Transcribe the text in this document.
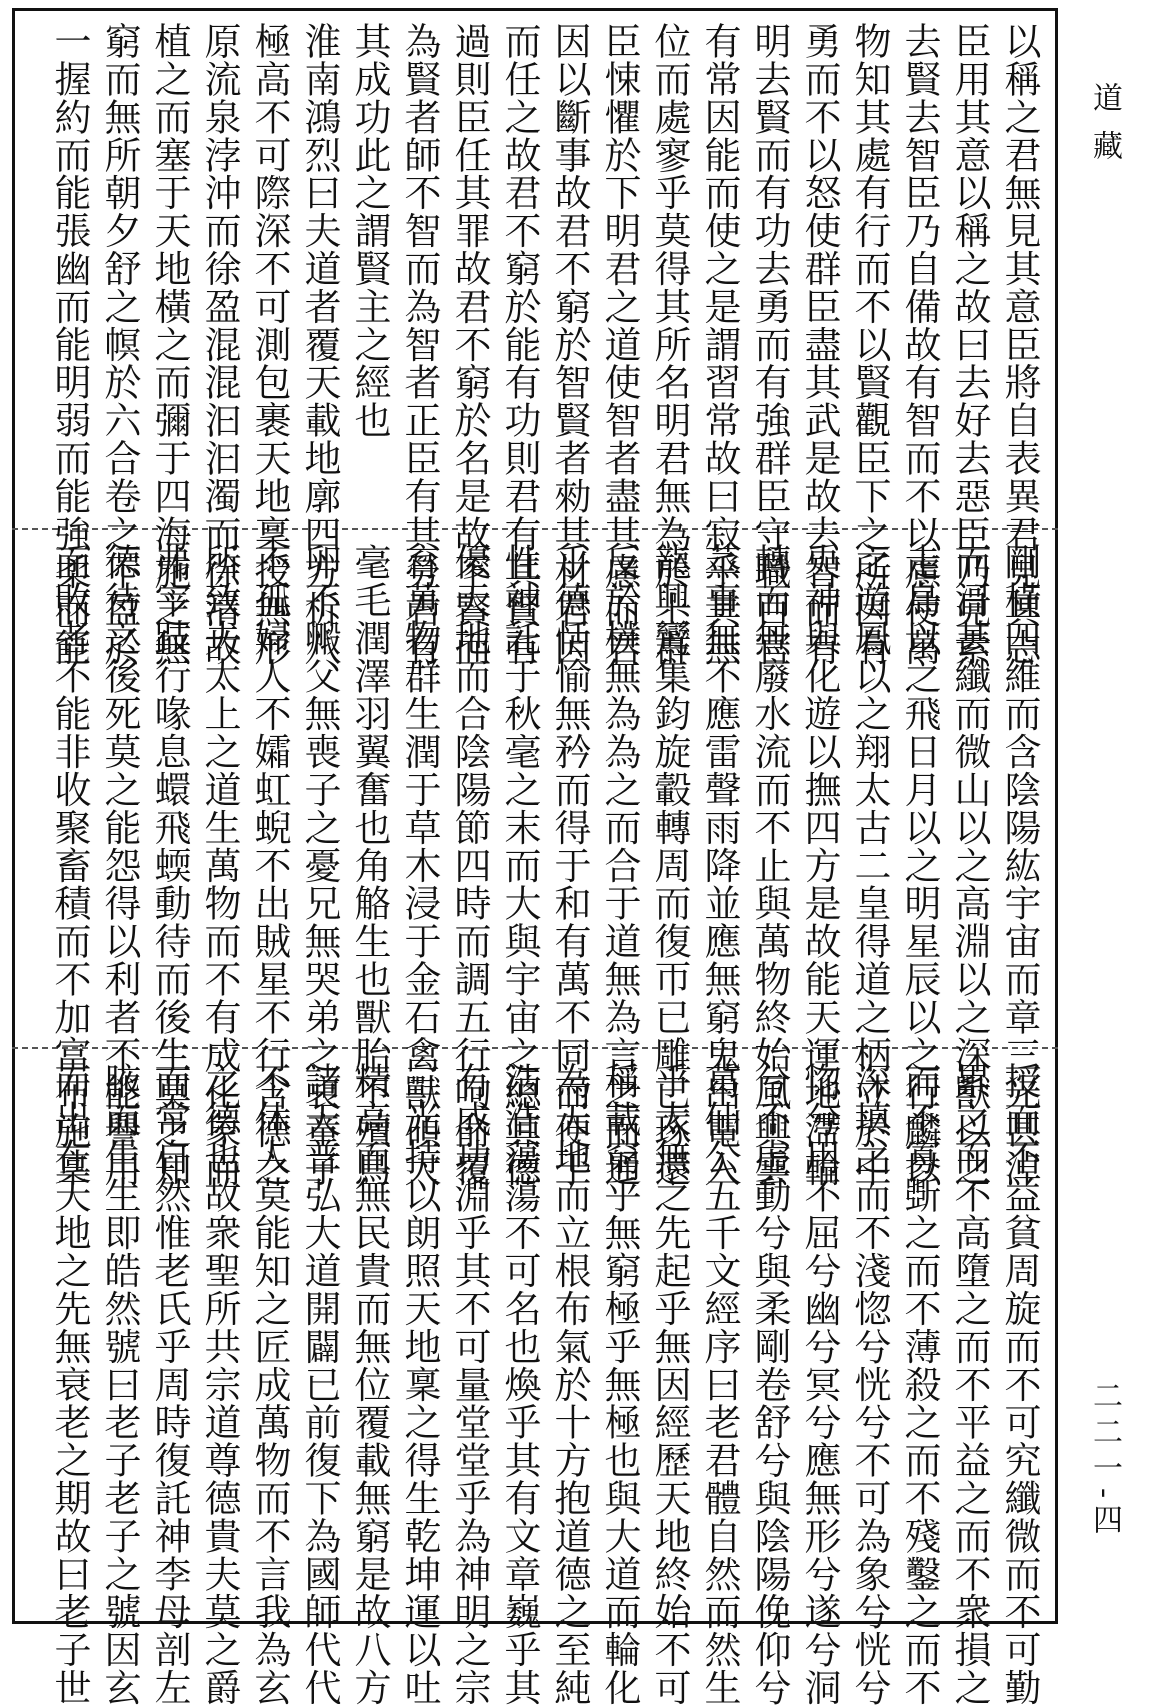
道藏
二二一-四
以稱之君無見其意臣將自表異君見其志
臣用其意以稱之故曰去好去惡臣乃見素
去賢去智臣乃自備故有智而不以慮使萬
物知其處有行而不以賢觀臣下之所因有
勇而不以怒使群臣盡其武是故去智而有
明去賢而有功去勇而有強群臣守職百官
有常因能而使之是謂習常故曰寂乎其無
位而處寥乎莫得其所名明君無為於上群
臣悚懼於下明君之道使智者盡其慮而君
因以斷事故君不窮於智賢者勑其材君因
而任之故君不窮於能有功則君有其賢有
過則臣任其罪故君不窮於名是故不賢而
為賢者師不智而為智者正臣有其勞君有
其成功此之謂賢主之經也
淮南鴻烈曰夫道者覆天載地廓四方柝八
極高不可際深不可測包裹天地稟授無形
原流泉浡沖而徐盈混混汩汩濁而徐清故
植之而塞于天地橫之而彌于四海施之無
窮而無所朝夕舒之幎於六合卷之不盈於
一握約而能張幽而能明弱而能強柔而能
剛橫四維而含陰陽紘宇宙而章三光甚淖
而滒甚纖而微山以之高淵以之深獸以之
走鳥以之飛日月以之明星辰以之行麟以
之遊鳳以之翔太古二皇得道之柄立於中
央神與化遊以撫四方是故能天運地滯輪
轉而無廢水流而不止與萬物終始風興雲
蒸事無不應雷聲雨降並應無窮鬼出電入
龍興鸞集鈞旋轂轉周而復帀已雕已琢還
反於樸無為為之而合于道無為言之而通
乎德恬愉無矜而得于和有萬不同而便于
性神託于秋毫之末而大與宇宙之總其德
優天地而合陰陽節四時而調五行呴俞覆
育萬物群生潤于草木浸于金石禽獸碩大
毫毛潤澤羽翼奮也角觡生也獸胎不殰鳥
卵不毈父無喪子之憂兄無哭弟之哀童子
不孤婦人不孀虹蜺不出賊星不行含德之
所致夫太上之道生萬物而不有成化象而
弗宰跂行喙息蠉飛蝡動待而後生莫之知
德待之後死莫之能怨得以利者不能譽用
而敗者不能非收聚畜積而不加富布施稟
授而不益貧周旋而不可究纖微而不可勤
累之而不高墮之而不平益之而不衆損之
而不寡斲之而不薄殺之而不殘鑿之而不
深填之而不淺惚兮恍兮不可為象兮恍兮
惚兮用不屈兮幽兮冥兮應無形兮遂兮洞
兮不虛動兮與柔剛卷舒兮與陰陽俛仰兮
葛仙公五千文經序曰老君體自然而然生
乎太無之先起乎無因經歷天地終始不可
稱載窮乎無窮極乎無極也與大道而輪化
為天地而立根布氣於十方抱道德之至純
浩浩蕩蕩不可名也煥乎其有文章巍乎其
有成功淵乎其不可量堂堂乎為神明之宗
三光持以朗照天地稟之得生乾坤運以吐
精高而無民貴而無位覆載無窮是故八方
諸天普弘大道開闢已前復下為國師代代
不休人莫能知之匠成萬物而不言我為玄
之德也故衆聖所共宗道尊德貴夫莫之爵
而常自然惟老氏乎周時復託神李母剖左
腋而生生即皓然號曰老子老子之號因玄
而出在天地之先無衰老之期故曰老子世
